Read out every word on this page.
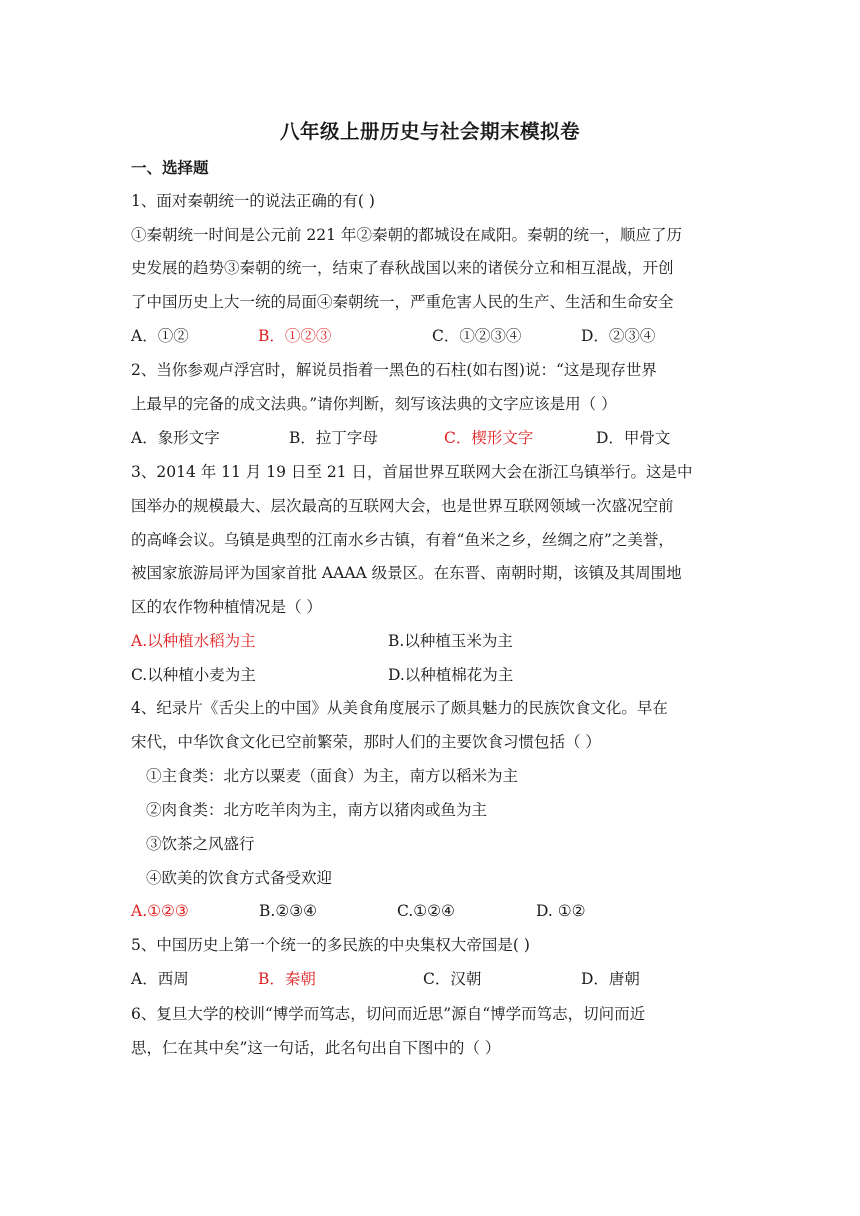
八年级上册历史与社会期末模拟卷
一、选择题
1、面对秦朝统一的说法正确的有( )
①秦朝统一时间是公元前 221 年②秦朝的都城设在咸阳。秦朝的统一，顺应了历
史发展的趋势③秦朝的统一，结束了春秋战国以来的诸侯分立和相互混战，开创
了中国历史上大一统的局面④秦朝统一，严重危害人民的生产、生活和生命安全
A．①②	B．①②③	C．①②③④	D．②③④
2、当你参观卢浮宫时，解说员指着一黑色的石柱(如右图)说：“这是现存世界
上最早的完备的成文法典。”请你判断，刻写该法典的文字应该是用（ ）
A．象形文字	B．拉丁字母	C．楔形文字	D．甲骨文
3、2014 年 11 月 19 日至 21 日，首届世界互联网大会在浙江乌镇举行。这是中
国举办的规模最大、层次最高的互联网大会，也是世界互联网领域一次盛况空前
的高峰会议。乌镇是典型的江南水乡古镇，有着“鱼米之乡，丝绸之府”之美誉，
被国家旅游局评为国家首批 AAAA 级景区。在东晋、南朝时期，该镇及其周围地
区的农作物种植情况是（ ）
A.以种植水稻为主	B.以种植玉米为主
C.以种植小麦为主	D.以种植棉花为主
4、纪录片《舌尖上的中国》从美食角度展示了颇具魅力的民族饮食文化。早在
宋代，中华饮食文化已空前繁荣，那时人们的主要饮食习惯包括（ ）
①主食类：北方以粟麦（面食）为主，南方以稻米为主
②肉食类：北方吃羊肉为主，南方以猪肉或鱼为主
③饮茶之风盛行
④欧美的饮食方式备受欢迎
A.①②③	B.②③④	C.①②④	D. ①②
5、中国历史上第一个统一的多民族的中央集权大帝国是( )
A．西周	B．秦朝	C．汉朝	D．唐朝
6、复旦大学的校训“博学而笃志，切问而近思”源自“博学而笃志，切问而近
思，仁在其中矣”这一句话，此名句出自下图中的（ ）
